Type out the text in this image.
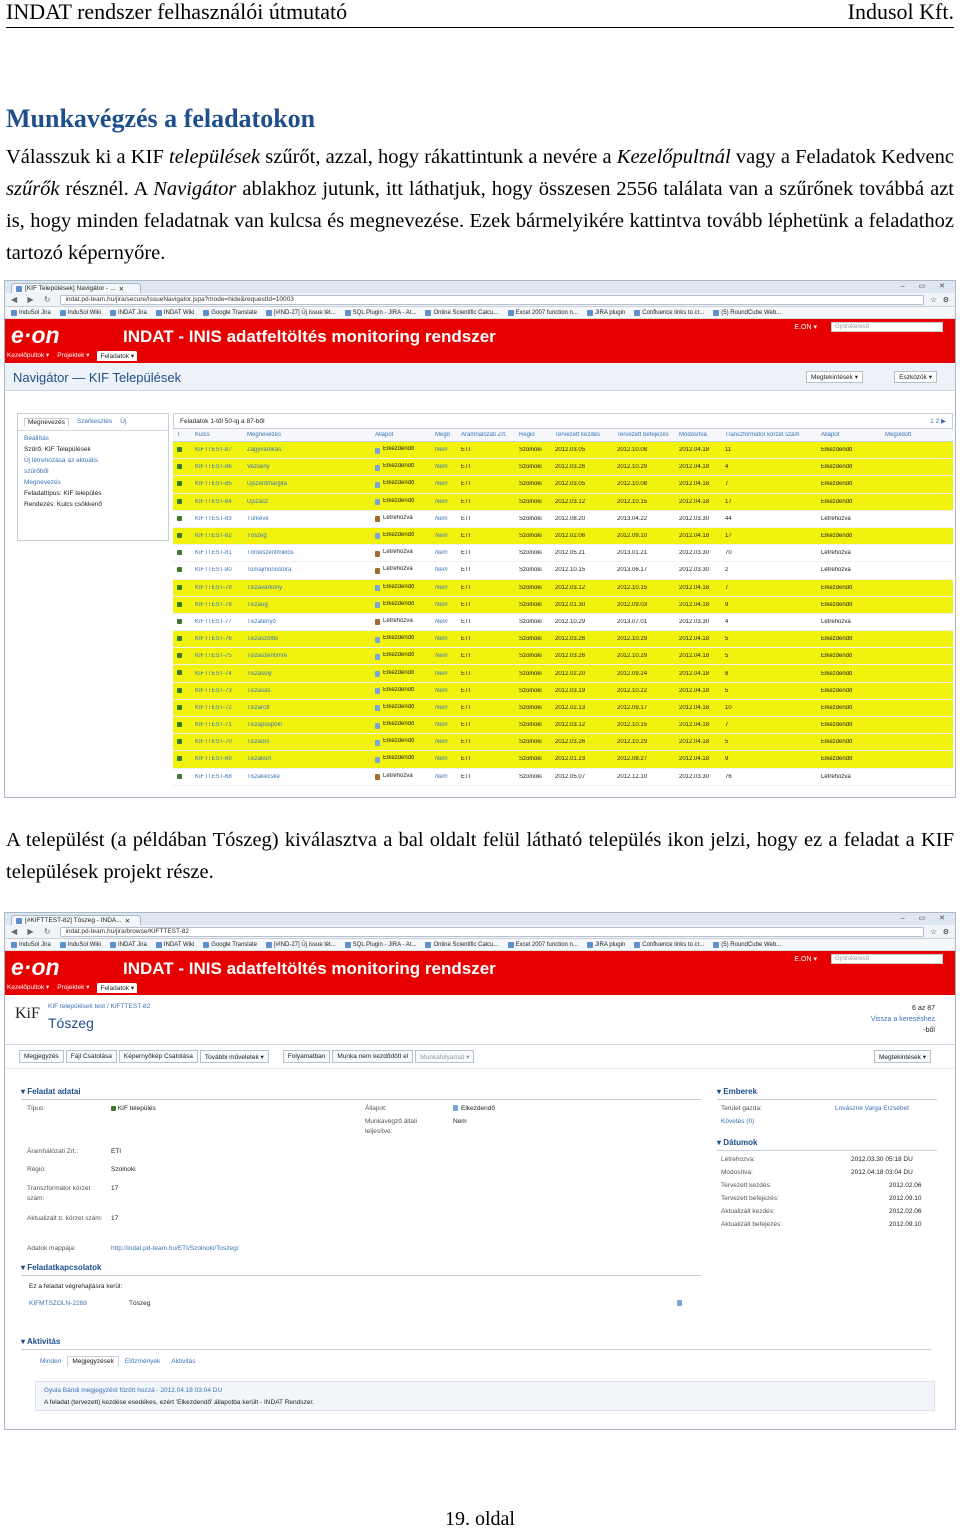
INDAT rendszer felhasználói útmutató	Indusol Kft.
Munkavégzés a feladatokon
Válasszuk ki a KIF települések szűrőt, azzal, hogy rákattintunk a nevére a Kezelőpultnál vagy a Feladatok Kedvenc szűrők résznél. A Navigátor ablakhoz jutunk, itt láthatjuk, hogy összesen 2556 találata van a szűrőnek továbbá azt is, hogy minden feladatnak van kulcsa és megnevezése. Ezek bármelyikére kattintva tovább léphetünk a feladathoz tartozó képernyőre.
[KIF Települések] Navigátor - ... ✕	– ▭ ✕
◀ ▶ ↻	indat.pd-team.hu/jira/secure/IssueNavigator.jspa?mode=hide&requestId=10003	☆ ⚙
InduSol Jira	InduSol Wiki	INDAT Jira	INDAT Wiki	Google Translate	[#IND-27] Új issue lét...	SQL Plugin - JIRA - At...	Online Scientific Calcu...	Excel 2007 function n...	JIRA plugin	Confluence links to cr...	(5) RoundCube Web...
e·on	INDAT - INIS adatfeltöltés monitoring rendszer	E.ON ▾	Gyorskereső
Kezelőpultok ▾ Projektek ▾	Feladatok ▾
Navigátor — KIF Települések	Megtekintések ▾	Eszközök ▾
Megnevezés	Szerkesztés Új
Beállítás
Szűrő: KIF Települések
Új létrehozása az aktuális
szűrőből
Megnevezés
Feladattípus: KIF település
Rendezés: Kulcs csökkenő
Feladatok 1-től 50-ig a 87-ből	1 2 ▶
T	Kulcs	Megnevezés	Állapot	Mego	Áramhálózati Zrt.	Régió	Tervezett kezdés	Tervezett befejezés	Módosítva	Transzformátor körzet szám	Állapot	Megoldott
KIFTTEST-87	Zagyvarékas	Elkezdendő	Nem	ETI	Szolnoki	2012.03.05	2012.10.08	2012.04.18	11	Elkezdendő
KIFTTEST-86	Vezseny	Elkezdendő	Nem	ETI	Szolnoki	2012.03.26	2012.10.29	2012.04.18	4	Elkezdendő
KIFTTEST-85	Újszentmargita	Elkezdendő	Nem	ETI	Szolnoki	2012.03.05	2012.10.08	2012.04.18	7	Elkezdendő
KIFTTEST-84	Újszász	Elkezdendő	Nem	ETI	Szolnoki	2012.03.12	2012.10.15	2012.04.18	17	Elkezdendő
KIFTTEST-83	Túrkeve	Létrehozva	Nem	ETI	Szolnoki	2012.08.20	2013.04.22	2012.03.30	44	Létrehozva
KIFTTEST-82	Tószeg	Elkezdendő	Nem	ETI	Szolnoki	2012.02.06	2012.09.10	2012.04.18	17	Elkezdendő
KIFTTEST-81	Törökszentmiklós	Létrehozva	Nem	ETI	Szolnoki	2012.05.21	2013.01.21	2012.03.30	70	Létrehozva
KIFTTEST-80	Tomajmonostora	Létrehozva	Nem	ETI	Szolnoki	2012.10.15	2013.06.17	2012.03.30	2	Létrehozva
KIFTTEST-79	Tiszavárkony	Elkezdendő	Nem	ETI	Szolnoki	2012.03.12	2012.10.15	2012.04.18	7	Elkezdendő
KIFTTEST-78	Tiszaug	Elkezdendő	Nem	ETI	Szolnoki	2012.01.30	2012.09.03	2012.04.18	9	Elkezdendő
KIFTTEST-77	Tiszatenyő	Létrehozva	Nem	ETI	Szolnoki	2012.10.29	2013.07.01	2012.03.30	4	Létrehozva
KIFTTEST-76	Tiszaszőlős	Elkezdendő	Nem	ETI	Szolnoki	2012.03.26	2012.10.29	2012.04.18	5	Elkezdendő
KIFTTEST-75	Tiszaszentimre	Elkezdendő	Nem	ETI	Szolnoki	2012.03.26	2012.10.29	2012.04.18	5	Elkezdendő
KIFTTEST-74	Tiszasüly	Elkezdendő	Nem	ETI	Szolnoki	2012.02.20	2012.09.24	2012.04.18	8	Elkezdendő
KIFTTEST-73	Tiszasas	Elkezdendő	Nem	ETI	Szolnoki	2012.03.19	2012.10.22	2012.04.18	5	Elkezdendő
KIFTTEST-72	Tiszaroff	Elkezdendő	Nem	ETI	Szolnoki	2012.02.13	2012.09.17	2012.04.18	10	Elkezdendő
KIFTTEST-71	Tiszapüspöki	Elkezdendő	Nem	ETI	Szolnoki	2012.03.12	2012.10.15	2012.04.18	7	Elkezdendő
KIFTTEST-70	Tiszaörs	Elkezdendő	Nem	ETI	Szolnoki	2012.03.26	2012.10.29	2012.04.18	5	Elkezdendő
KIFTTEST-69	Tiszakürt	Elkezdendő	Nem	ETI	Szolnoki	2012.01.23	2012.08.27	2012.04.18	9	Elkezdendő
KIFTTEST-68	Tiszakécske	Létrehozva	Nem	ETI	Szolnoki	2012.05.07	2012.12.10	2012.03.30	76	Létrehozva
A települést (a példában Tószeg) kiválasztva a bal oldalt felül látható település ikon jelzi, hogy ez a feladat a KIF települések projekt része.
[#KIFTTEST-82] Tószeg - INDA... ✕	– ▭ ✕
◀ ▶ ↻	indat.pd-team.hu/jira/browse/KIFTTEST-82	☆ ⚙
InduSol Jira	InduSol Wiki	INDAT Jira	INDAT Wiki	Google Translate	[#IND-27] Új issue lét...	SQL Plugin - JIRA - At...	Online Scientific Calcu...	Excel 2007 function n...	JIRA plugin	Confluence links to cr...	(5) RoundCube Web...
e·on	INDAT - INIS adatfeltöltés monitoring rendszer	E.ON ▾	Gyorskereső
Kezelőpultok ▾ Projektek ▾	Feladatok ▾
KiF KIF települések test / KIFTTEST-82
Tószeg
6 az 87
Vissza a kereséshez
-ből
Megjegyzés	Fájl Csatolása	Képernyőkép Csatolása	További műveletek ▾	Folyamatban	Munka nem kezdődött el	Munkafolyamat ▾	Megtekintések ▾
▾ Feladat adatai
Típus:	KIF település	Állapot:	Elkezdendő
Munkavégző általi teljesítve:
Nem
Áramhálózati Zrt.:	ETI
Régió:	Szolnoki
Transzformátor körzet szám:
17
Aktualizált tr. körzet szám:	17
Adatok mappája:	http://indat.pd-team.hu/ETI/Szolnoki/Toszeg/
▾ Feladatkapcsolatok
Ez a feladat végrehajtásra kerül:
KIFMTSZOLN-2269	Tószeg
▾ Aktivitás
Minden	Megjegyzések	Előzmények	Aktivitás
Gyula Bándi megjegyzést fűzött hozzá - 2012.04.18 03:04 DU
A feladat (tervezett) kezdése esedékes, ezért 'Elkezdendő' állapotba került - INDAT Rendszer.
▾ Emberek
Terület gazda:	Lovászné Varga Erzsébet
Követés (0)
▾ Dátumok
Létrehozva:	2012.03.30 05:18 DU
Módosítva:	2012.04.18 03:04 DU
Tervezett kezdés:	2012.02.06
Tervezett befejezés:	2012.09.10
Aktualizált kezdés:	2012.02.06
Aktualizált befejezés:	2012.09.10
19. oldal
